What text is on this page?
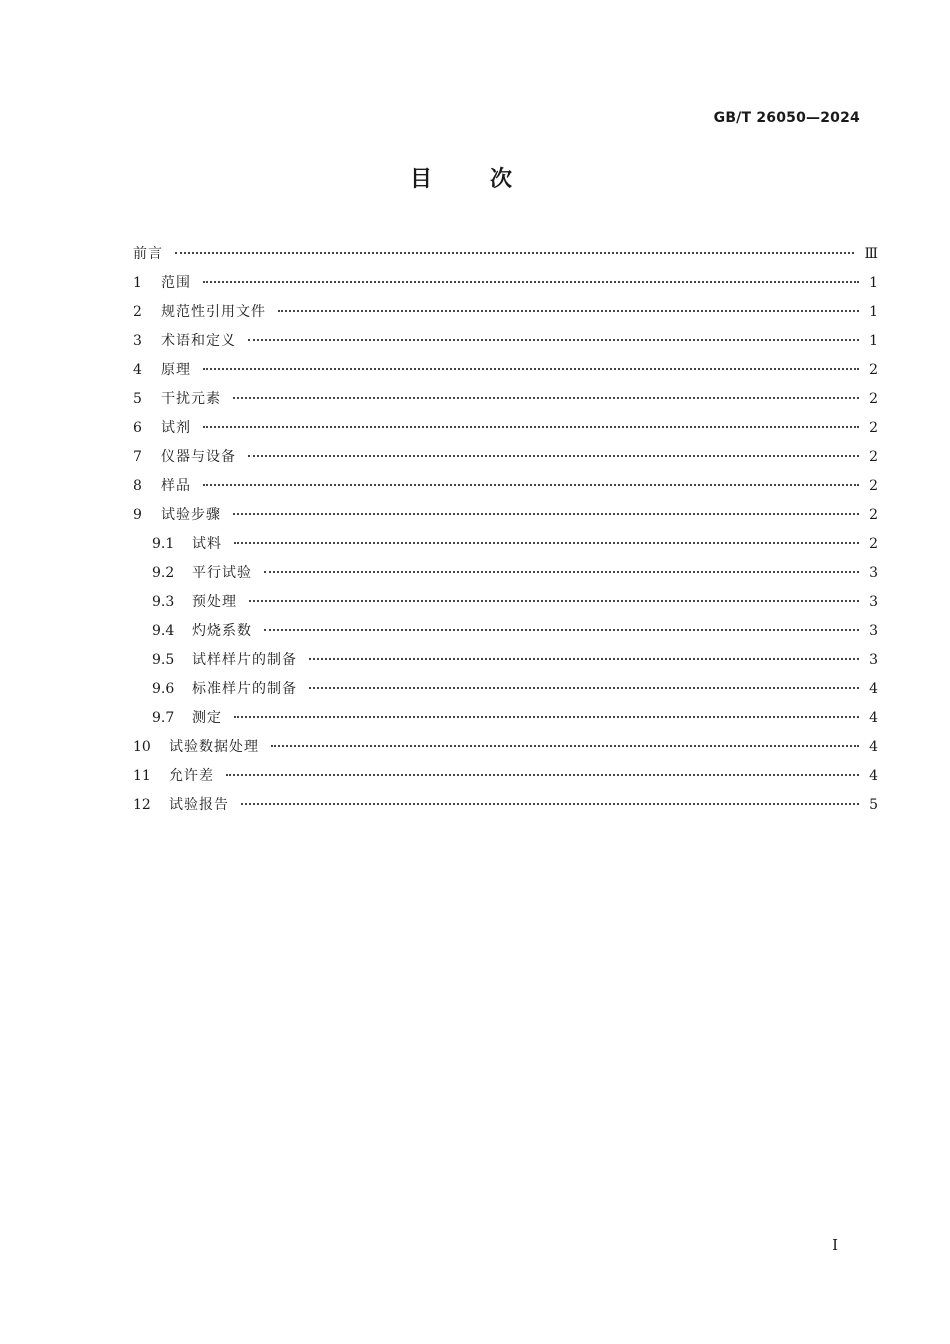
GB/T 26050—2024
目次
前言	Ⅲ
1	范围	1
2	规范性引用文件	1
3	术语和定义	1
4	原理	2
5	干扰元素	2
6	试剂	2
7	仪器与设备	2
8	样品	2
9	试验步骤	2
9.1	试料	2
9.2	平行试验	3
9.3	预处理	3
9.4	灼烧系数	3
9.5	试样样片的制备	3
9.6	标准样片的制备	4
9.7	测定	4
10	试验数据处理	4
11	允许差	4
12	试验报告	5
I
